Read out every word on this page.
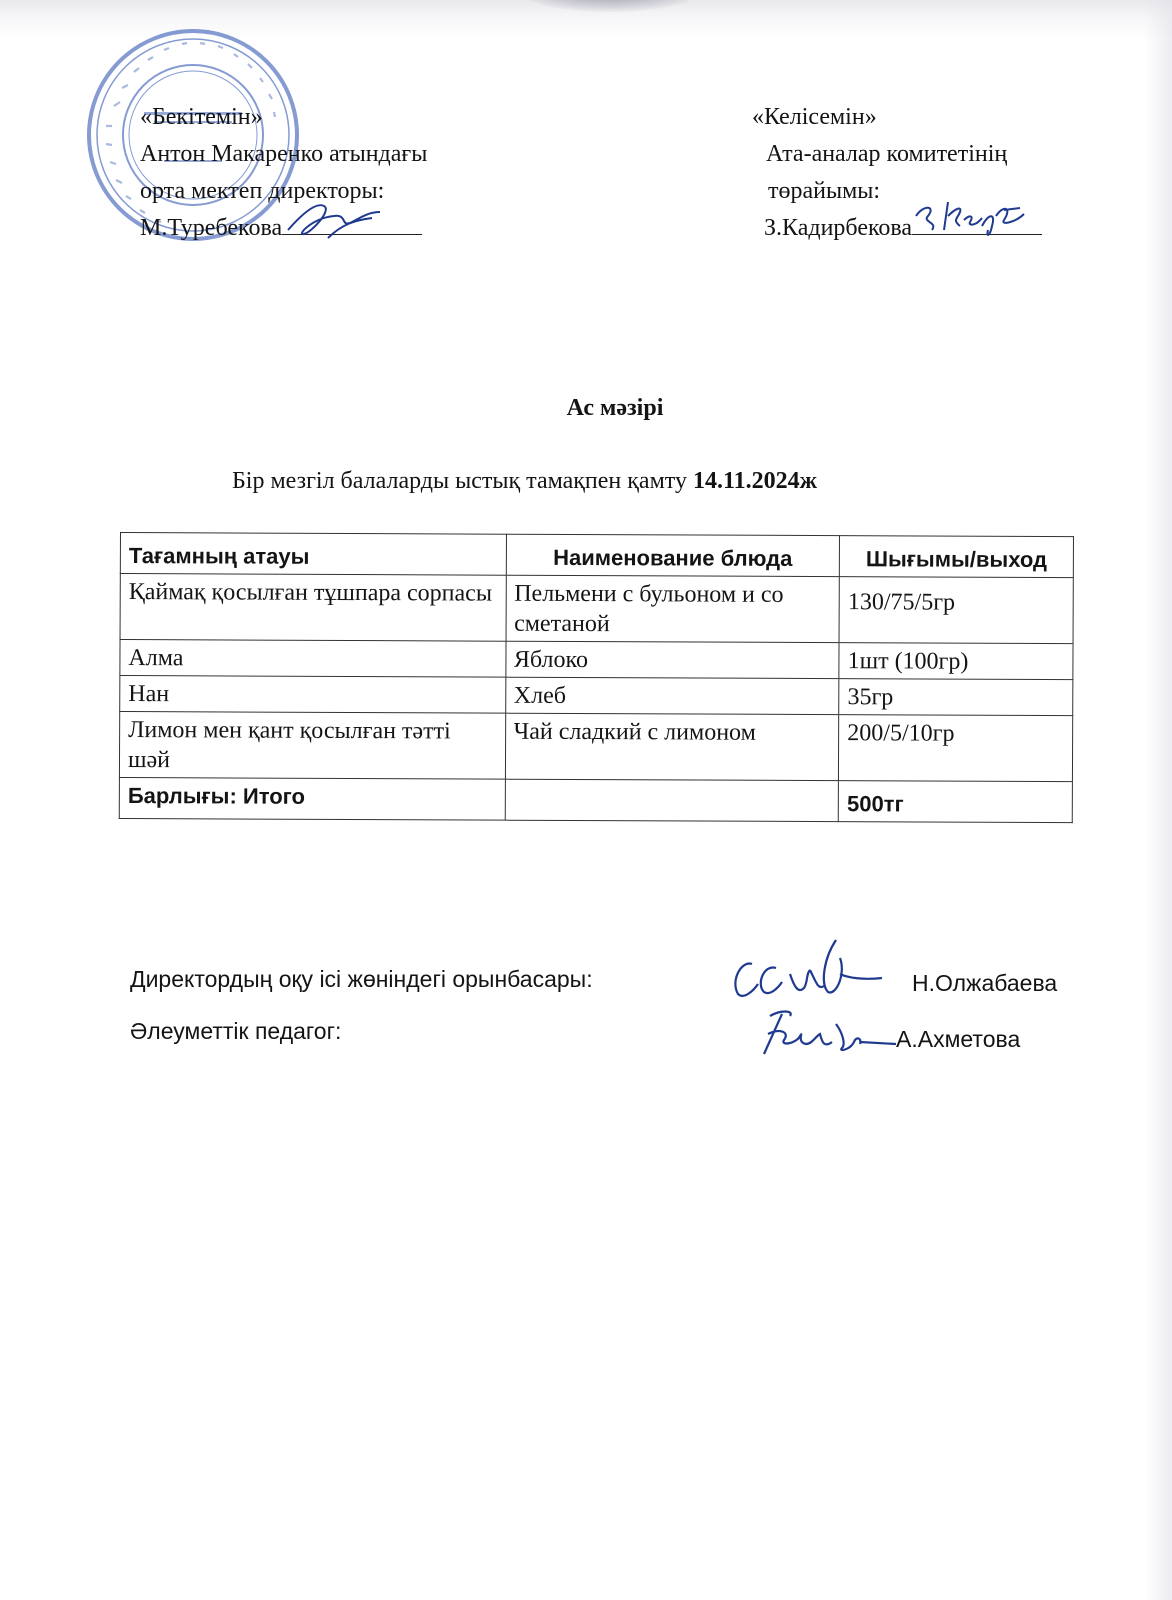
«Бекітемін»
Антон Макаренко атындағы
орта мектеп директоры:
М.Туребекова
«Келісемін»
Ата-аналар комитетінің
төрайымы:
З.Кадирбекова
Ас мәзірі
Бір мезгіл балаларды ыстық тамақпен қамту 14.11.2024ж
Тағамның атауы	Наименование блюда	Шығымы/выход
Қаймақ қосылған тұшпара сорпасы	Пельмени с бульоном и со сметаной	130/75/5гр
Алма	Яблоко	1шт (100гр)
Нан	Хлеб	35гр
Лимон мен қант қосылған тәтті шәй	Чай сладкий с лимоном	200/5/10гр
Барлығы: Итого		500тг
Директордың оқу ісі жөніндегі орынбасары:	Н.Олжабаева
Әлеуметтік педагог:	А.Ахметова
